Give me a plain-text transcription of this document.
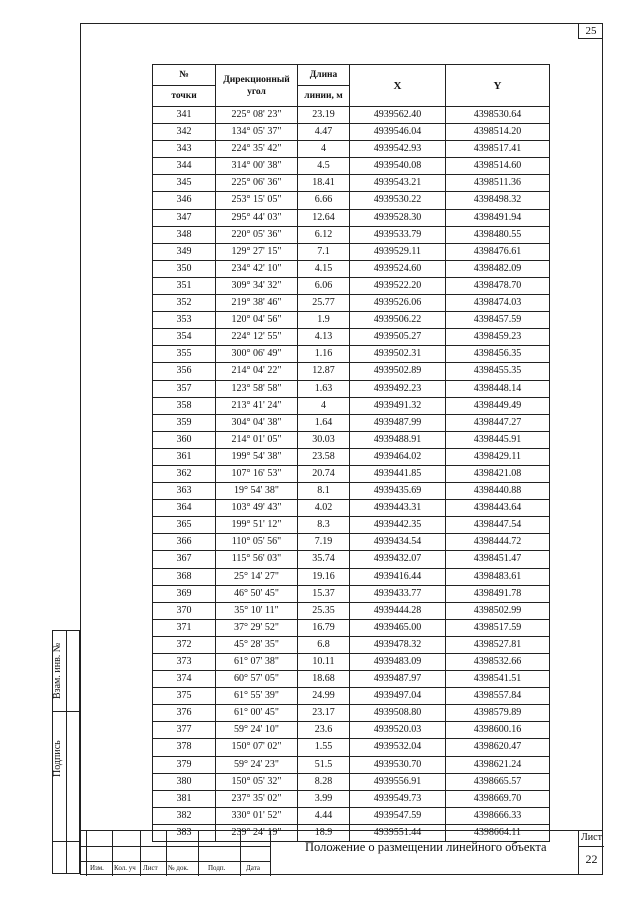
25
№	Дирекционный угол	Длина	X	Y
точки		линии, м		
341	225° 08' 23"	23.19	4939562.40	4398530.64
342	134° 05' 37"	4.47	4939546.04	4398514.20
343	224° 35' 42"	4	4939542.93	4398517.41
344	314° 00' 38"	4.5	4939540.08	4398514.60
345	225° 06' 36"	18.41	4939543.21	4398511.36
346	253° 15' 05"	6.66	4939530.22	4398498.32
347	295° 44' 03"	12.64	4939528.30	4398491.94
348	220° 05' 36"	6.12	4939533.79	4398480.55
349	129° 27' 15"	7.1	4939529.11	4398476.61
350	234° 42' 10"	4.15	4939524.60	4398482.09
351	309° 34' 32"	6.06	4939522.20	4398478.70
352	219° 38' 46"	25.77	4939526.06	4398474.03
353	120° 04' 56"	1.9	4939506.22	4398457.59
354	224° 12' 55"	4.13	4939505.27	4398459.23
355	300° 06' 49"	1.16	4939502.31	4398456.35
356	214° 04' 22"	12.87	4939502.89	4398455.35
357	123° 58' 58"	1.63	4939492.23	4398448.14
358	213° 41' 24"	4	4939491.32	4398449.49
359	304° 04' 38"	1.64	4939487.99	4398447.27
360	214° 01' 05"	30.03	4939488.91	4398445.91
361	199° 54' 38"	23.58	4939464.02	4398429.11
362	107° 16' 53"	20.74	4939441.85	4398421.08
363	19° 54' 38"	8.1	4939435.69	4398440.88
364	103° 49' 43"	4.02	4939443.31	4398443.64
365	199° 51' 12"	8.3	4939442.35	4398447.54
366	110° 05' 56"	7.19	4939434.54	4398444.72
367	115° 56' 03"	35.74	4939432.07	4398451.47
368	25° 14' 27"	19.16	4939416.44	4398483.61
369	46° 50' 45"	15.37	4939433.77	4398491.78
370	35° 10' 11"	25.35	4939444.28	4398502.99
371	37° 29' 52"	16.79	4939465.00	4398517.59
372	45° 28' 35"	6.8	4939478.32	4398527.81
373	61° 07' 38"	10.11	4939483.09	4398532.66
374	60° 57' 05"	18.68	4939487.97	4398541.51
375	61° 55' 39"	24.99	4939497.04	4398557.84
376	61° 00' 45"	23.17	4939508.80	4398579.89
377	59° 24' 10"	23.6	4939520.03	4398600.16
378	150° 07' 02"	1.55	4939532.04	4398620.47
379	59° 24' 23"	51.5	4939530.70	4398621.24
380	150° 05' 32"	8.28	4939556.91	4398665.57
381	237° 35' 02"	3.99	4939549.73	4398669.70
382	330° 01' 52"	4.44	4939547.59	4398666.33
383	239° 24' 19"	18.9	4939551.44	4398664.11
Взам. инв. №
Подпись
Изм. Кол. уч Лист № док.	Подп.	Дата
Положение о размещении линейного объекта
Лист
22
